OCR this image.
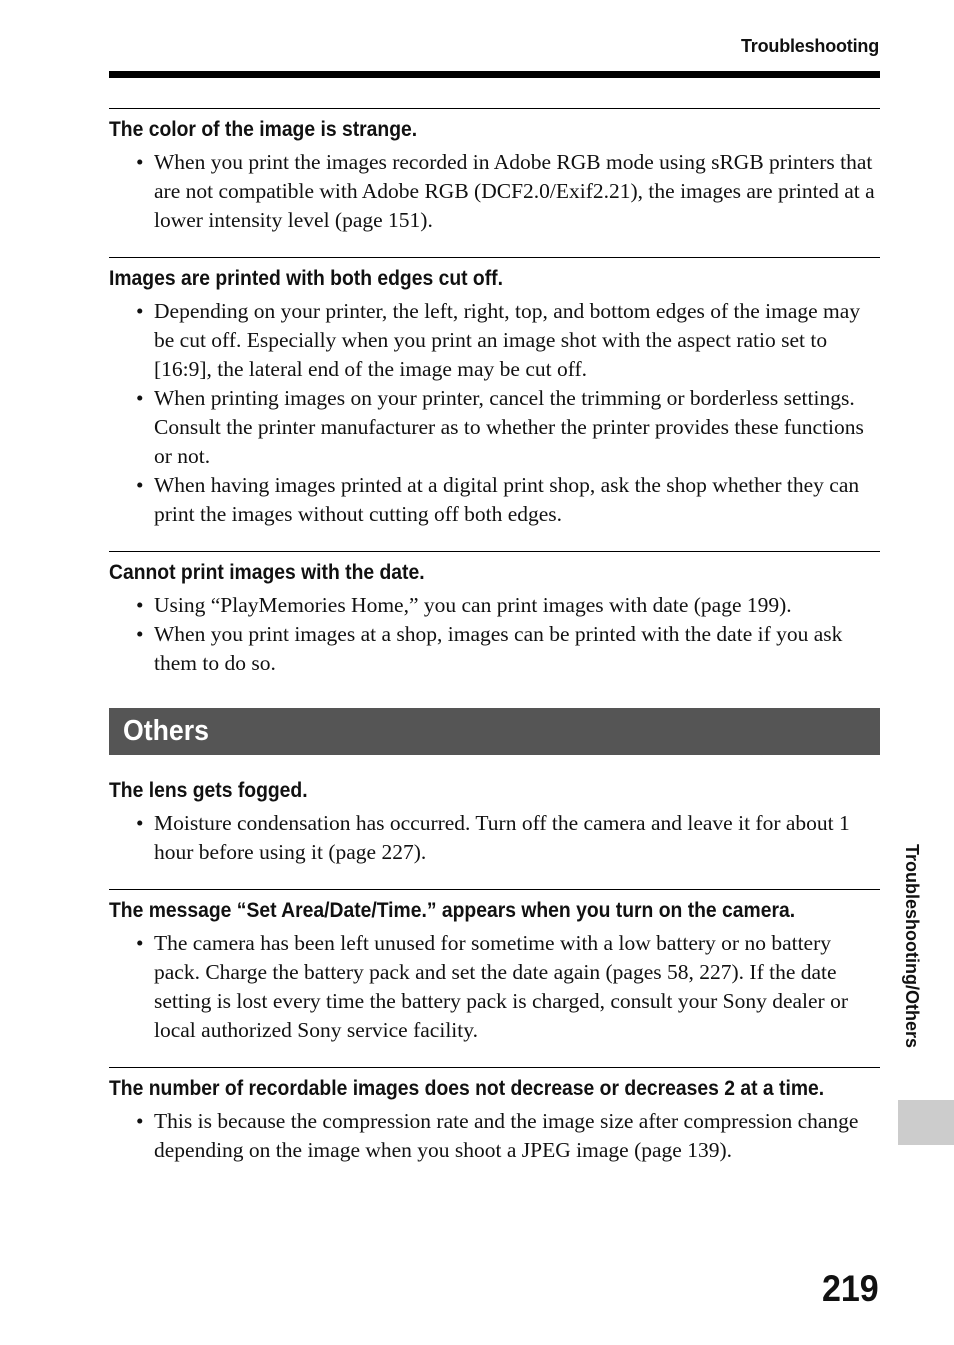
Troubleshooting
The color of the image is strange.
• When you print the images recorded in Adobe RGB mode using sRGB printers that are not compatible with Adobe RGB (DCF2.0/Exif2.21), the images are printed at a lower intensity level (page 151).
Images are printed with both edges cut off.
• Depending on your printer, the left, right, top, and bottom edges of the image may be cut off. Especially when you print an image shot with the aspect ratio set to [16:9], the lateral end of the image may be cut off.
• When printing images on your printer, cancel the trimming or borderless settings. Consult the printer manufacturer as to whether the printer provides these functions or not.
• When having images printed at a digital print shop, ask the shop whether they can print the images without cutting off both edges.
Cannot print images with the date.
• Using “PlayMemories Home,” you can print images with date (page 199).
• When you print images at a shop, images can be printed with the date if you ask them to do so.
Others
The lens gets fogged.
• Moisture condensation has occurred. Turn off the camera and leave it for about 1 hour before using it (page 227).
The message “Set Area/Date/Time.” appears when you turn on the camera.
• The camera has been left unused for sometime with a low battery or no battery pack. Charge the battery pack and set the date again (pages 58, 227). If the date setting is lost every time the battery pack is charged, consult your Sony dealer or local authorized Sony service facility.
The number of recordable images does not decrease or decreases 2 at a time.
• This is because the compression rate and the image size after compression change depending on the image when you shoot a JPEG image (page 139).
Troubleshooting/Others
219
